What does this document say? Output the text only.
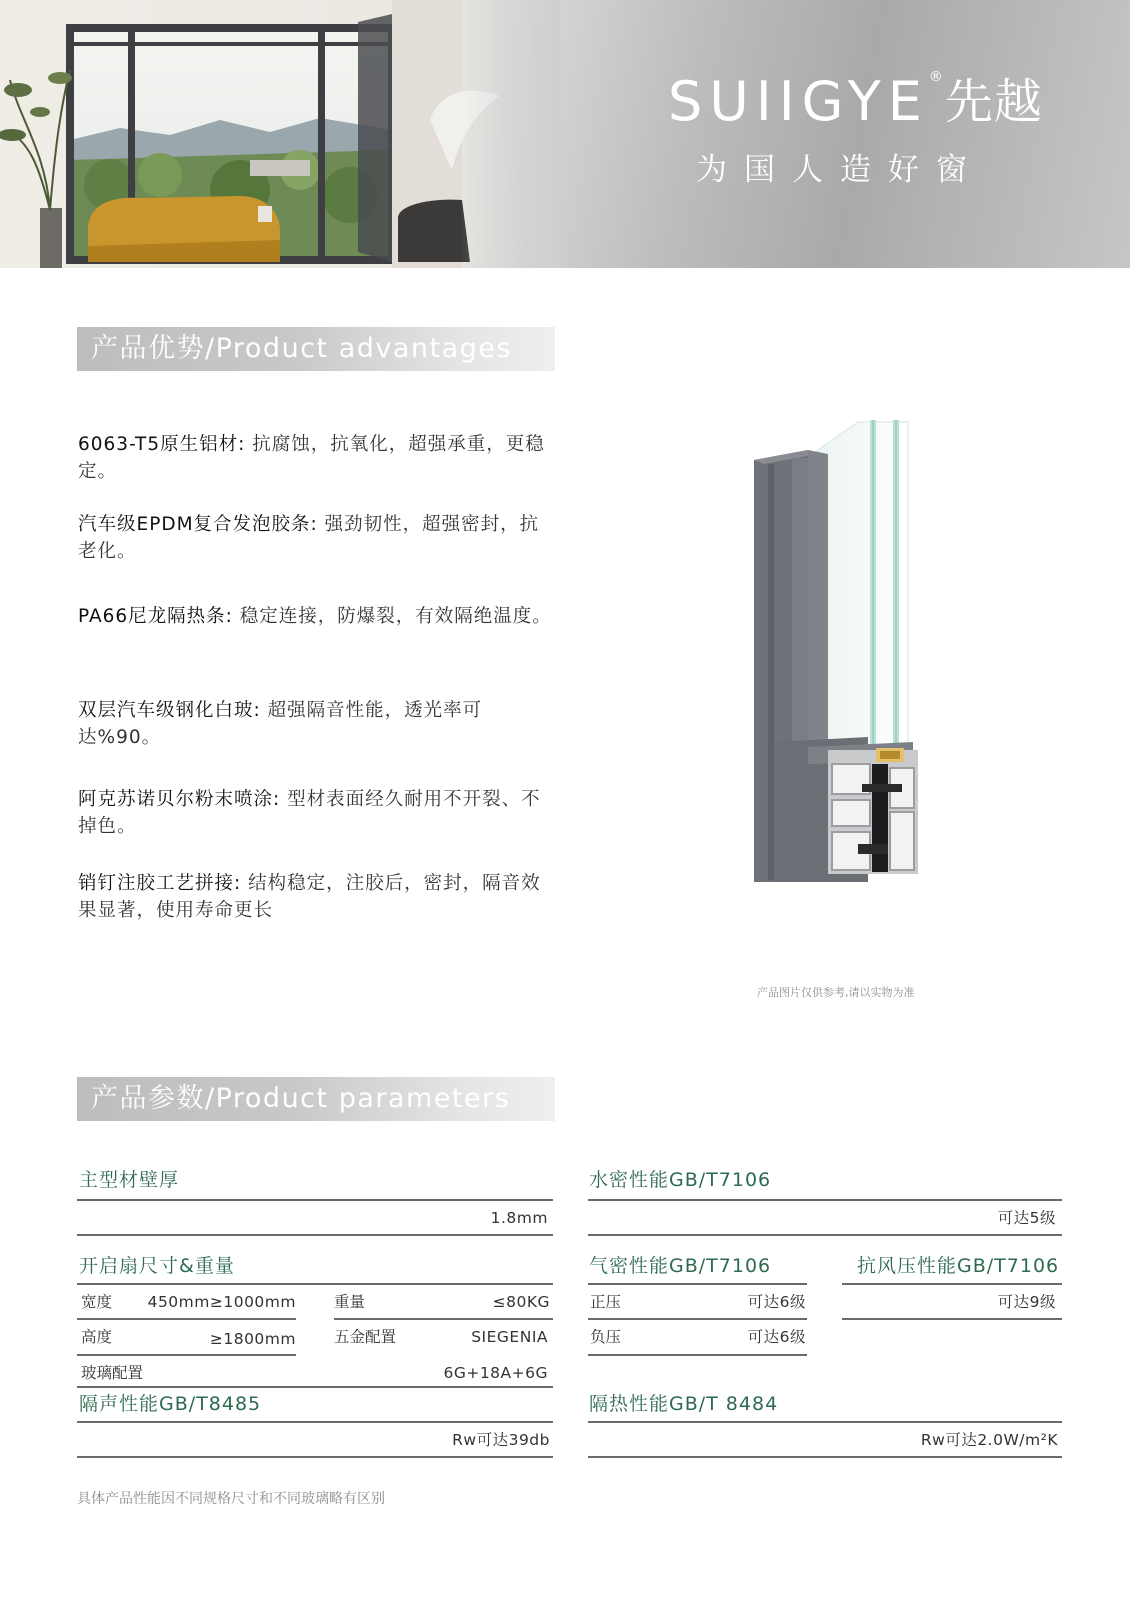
SUIIGYE ® 先越
为国人造好窗
产品优势/Product advantages
6063-T5原生铝材: 抗腐蚀，抗氧化，超强承重，更稳定。
汽车级EPDM复合发泡胶条: 强劲韧性，超强密封，抗老化。
PA66尼龙隔热条: 稳定连接，防爆裂，有效隔绝温度。
双层汽车级钢化白玻: 超强隔音性能，透光率可达%90。
阿克苏诺贝尔粉末喷涂: 型材表面经久耐用不开裂、不掉色。
销钉注胶工艺拼接: 结构稳定，注胶后，密封，隔音效果显著，使用寿命更长
产品图片仅供参考,请以实物为准
产品参数/Product parameters
主型材壁厚
1.8mm
水密性能GB/T7106
可达5级
开启扇尺寸&重量
宽度	450mm≥1000mm 重量	≤80KG
高度	≥1800mm 五金配置	SIEGENIA
玻璃配置	6G+18A+6G
气密性能GB/T7106
正压	可达6级
负压	可达6级
抗风压性能GB/T7106
可达9级
隔声性能GB/T8485
Rw可达39db
隔热性能GB/T 8484
Rw可达2.0W/m²K
具体产品性能因不同规格尺寸和不同玻璃略有区别
